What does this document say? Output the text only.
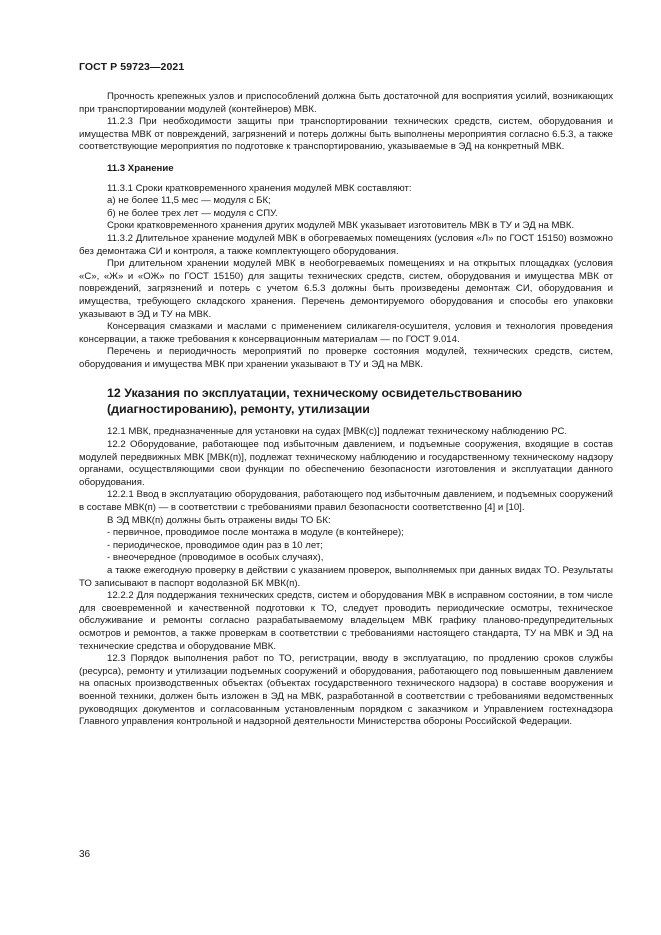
ГОСТ Р 59723—2021

Прочность крепежных узлов и приспособлений должна быть достаточной для восприятия усилий, возникающих при транспортировании модулей (контейнеров) МВК.

11.2.3 При необходимости защиты при транспортировании технических средств, систем, оборудования и имущества МВК от повреждений, загрязнений и потерь должны быть выполнены мероприятия согласно 6.5.3, а также соответствующие мероприятия по подготовке к транспортированию, указываемые в ЭД на конкретный МВК.

11.3 Хранение

11.3.1 Сроки кратковременного хранения модулей МВК составляют:

а) не более 11,5 мес — модуля с БК;

б) не более трех лет — модуля с СПУ.

Сроки кратковременного хранения других модулей МВК указывает изготовитель МВК в ТУ и ЭД на МВК.

11.3.2 Длительное хранение модулей МВК в обогреваемых помещениях (условия «Л» по ГОСТ 15150) возможно без демонтажа СИ и контроля, а также комплектующего оборудования.

При длительном хранении модулей МВК в необогреваемых помещениях и на открытых площадках (условия «С», «Ж» и «ОЖ» по ГОСТ 15150) для защиты технических средств, систем, оборудования и имущества МВК от повреждений, загрязнений и потерь с учетом 6.5.3 должны быть произведены демонтаж СИ, оборудования и имущества, требующего складского хранения. Перечень демонтируемого оборудования и способы его упаковки указывают в ЭД и ТУ на МВК.

Консервация смазками и маслами с применением силикагеля-осушителя, условия и технология проведения консервации, а также требования к консервационным материалам — по ГОСТ 9.014.

Перечень и периодичность мероприятий по проверке состояния модулей, технических средств, систем, оборудования и имущества МВК при хранении указывают в ТУ и ЭД на МВК.

12 Указания по эксплуатации, техническому освидетельствованию (диагностированию), ремонту, утилизации

12.1 МВК, предназначенные для установки на судах [МВК(с)] подлежат техническому наблюдению РС.

12.2 Оборудование, работающее под избыточным давлением, и подъемные сооружения, входящие в состав модулей передвижных МВК [МВК(п)], подлежат техническому наблюдению и государственному техническому надзору органами, осуществляющими свои функции по обеспечению безопасности изготовления и эксплуатации данного оборудования.

12.2.1 Ввод в эксплуатацию оборудования, работающего под избыточным давлением, и подъемных сооружений в составе МВК(п) — в соответствии с требованиями правил безопасности соответственно [4] и [10].

В ЭД МВК(п) должны быть отражены виды ТО БК:

- первичное, проводимое после монтажа в модуле (в контейнере);

- периодическое, проводимое один раз в 10 лет;

- внеочередное (проводимое в особых случаях),

а также ежегодную проверку в действии с указанием проверок, выполняемых при данных видах ТО. Результаты ТО записывают в паспорт водолазной БК МВК(п).

12.2.2 Для поддержания технических средств, систем и оборудования МВК в исправном состоянии, в том числе для своевременной и качественной подготовки к ТО, следует проводить периодические осмотры, техническое обслуживание и ремонты согласно разрабатываемому владельцем МВК графику планово-предупредительных осмотров и ремонтов, а также проверкам в соответствии с требованиями настоящего стандарта, ТУ на МВК и ЭД на технические средства и оборудование МВК.

12.3 Порядок выполнения работ по ТО, регистрации, вводу в эксплуатацию, по продлению сроков службы (ресурса), ремонту и утилизации подъемных сооружений и оборудования, работающего под повышенным давлением на опасных производственных объектах (объектах государственного технического надзора) в составе вооружения и военной техники, должен быть изложен в ЭД на МВК, разработанной в соответствии с требованиями ведомственных руководящих документов и согласованным установленным порядком с заказчиком и Управлением гостехнадзора Главного управления контрольной и надзорной деятельности Министерства обороны Российской Федерации.

36
